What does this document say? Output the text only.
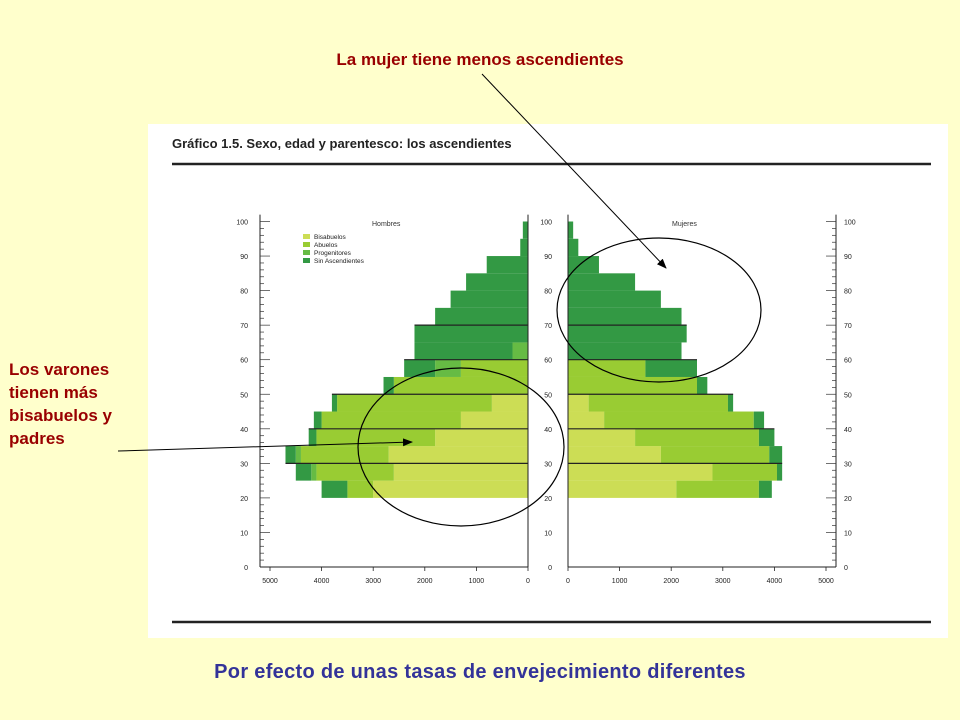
La mujer tiene menos ascendientes
Los varones tienen más bisabuelos y padres
Gráfico 1.5. Sexo, edad y parentesco: los ascendientes
Hombres	Mujeres
0	0	0
10	10	10
20	20	20
30	30	30
40	40	40
50	50	50
60	60	60
70	70	70
80	80	80
90	90	90
100	100	100
5000	4000	3000	2000	1000	0	0	1000	2000	3000	4000	5000
Bisabuelos
Abuelos
Progenitores
Sin Ascendientes
Por efecto de unas tasas de envejecimiento diferentes
